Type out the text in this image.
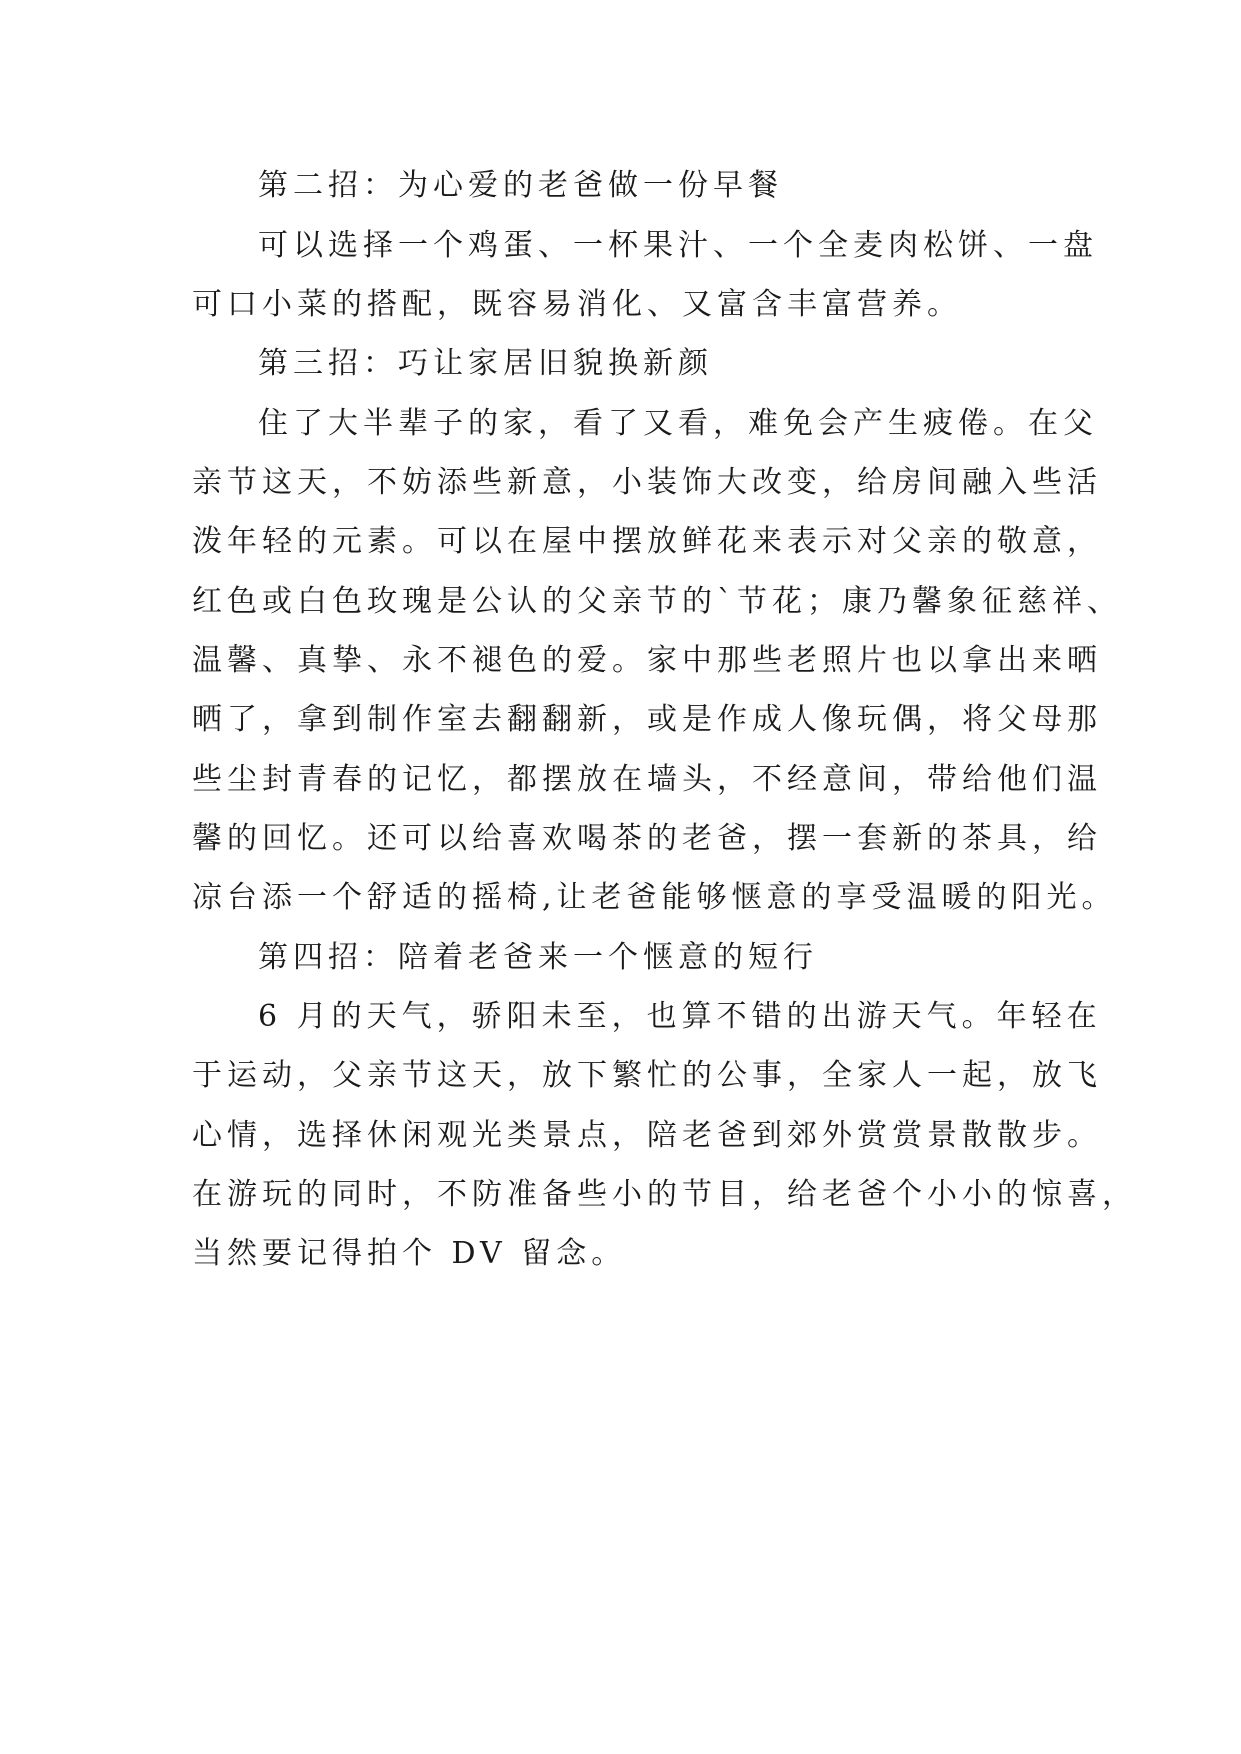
第二招：为心爱的老爸做一份早餐
可以选择一个鸡蛋、一杯果汁、一个全麦肉松饼、一盘
可口小菜的搭配，既容易消化、又富含丰富营养。
第三招：巧让家居旧貌换新颜
住了大半辈子的家，看了又看，难免会产生疲倦。在父
亲节这天，不妨添些新意，小装饰大改变，给房间融入些活
泼年轻的元素。可以在屋中摆放鲜花来表示对父亲的敬意，
红色或白色玫瑰是公认的父亲节的`节花；康乃馨象征慈祥、
温馨、真挚、永不褪色的爱。家中那些老照片也以拿出来晒
晒了，拿到制作室去翻翻新，或是作成人像玩偶，将父母那
些尘封青春的记忆，都摆放在墙头，不经意间，带给他们温
馨的回忆。还可以给喜欢喝茶的老爸，摆一套新的茶具，给
凉台添一个舒适的摇椅,让老爸能够惬意的享受温暖的阳光。
第四招：陪着老爸来一个惬意的短行
6 月的天气，骄阳未至，也算不错的出游天气。年轻在
于运动，父亲节这天，放下繁忙的公事，全家人一起，放飞
心情，选择休闲观光类景点，陪老爸到郊外赏赏景散散步。
在游玩的同时，不防准备些小的节目，给老爸个小小的惊喜，
当然要记得拍个 DV 留念。
